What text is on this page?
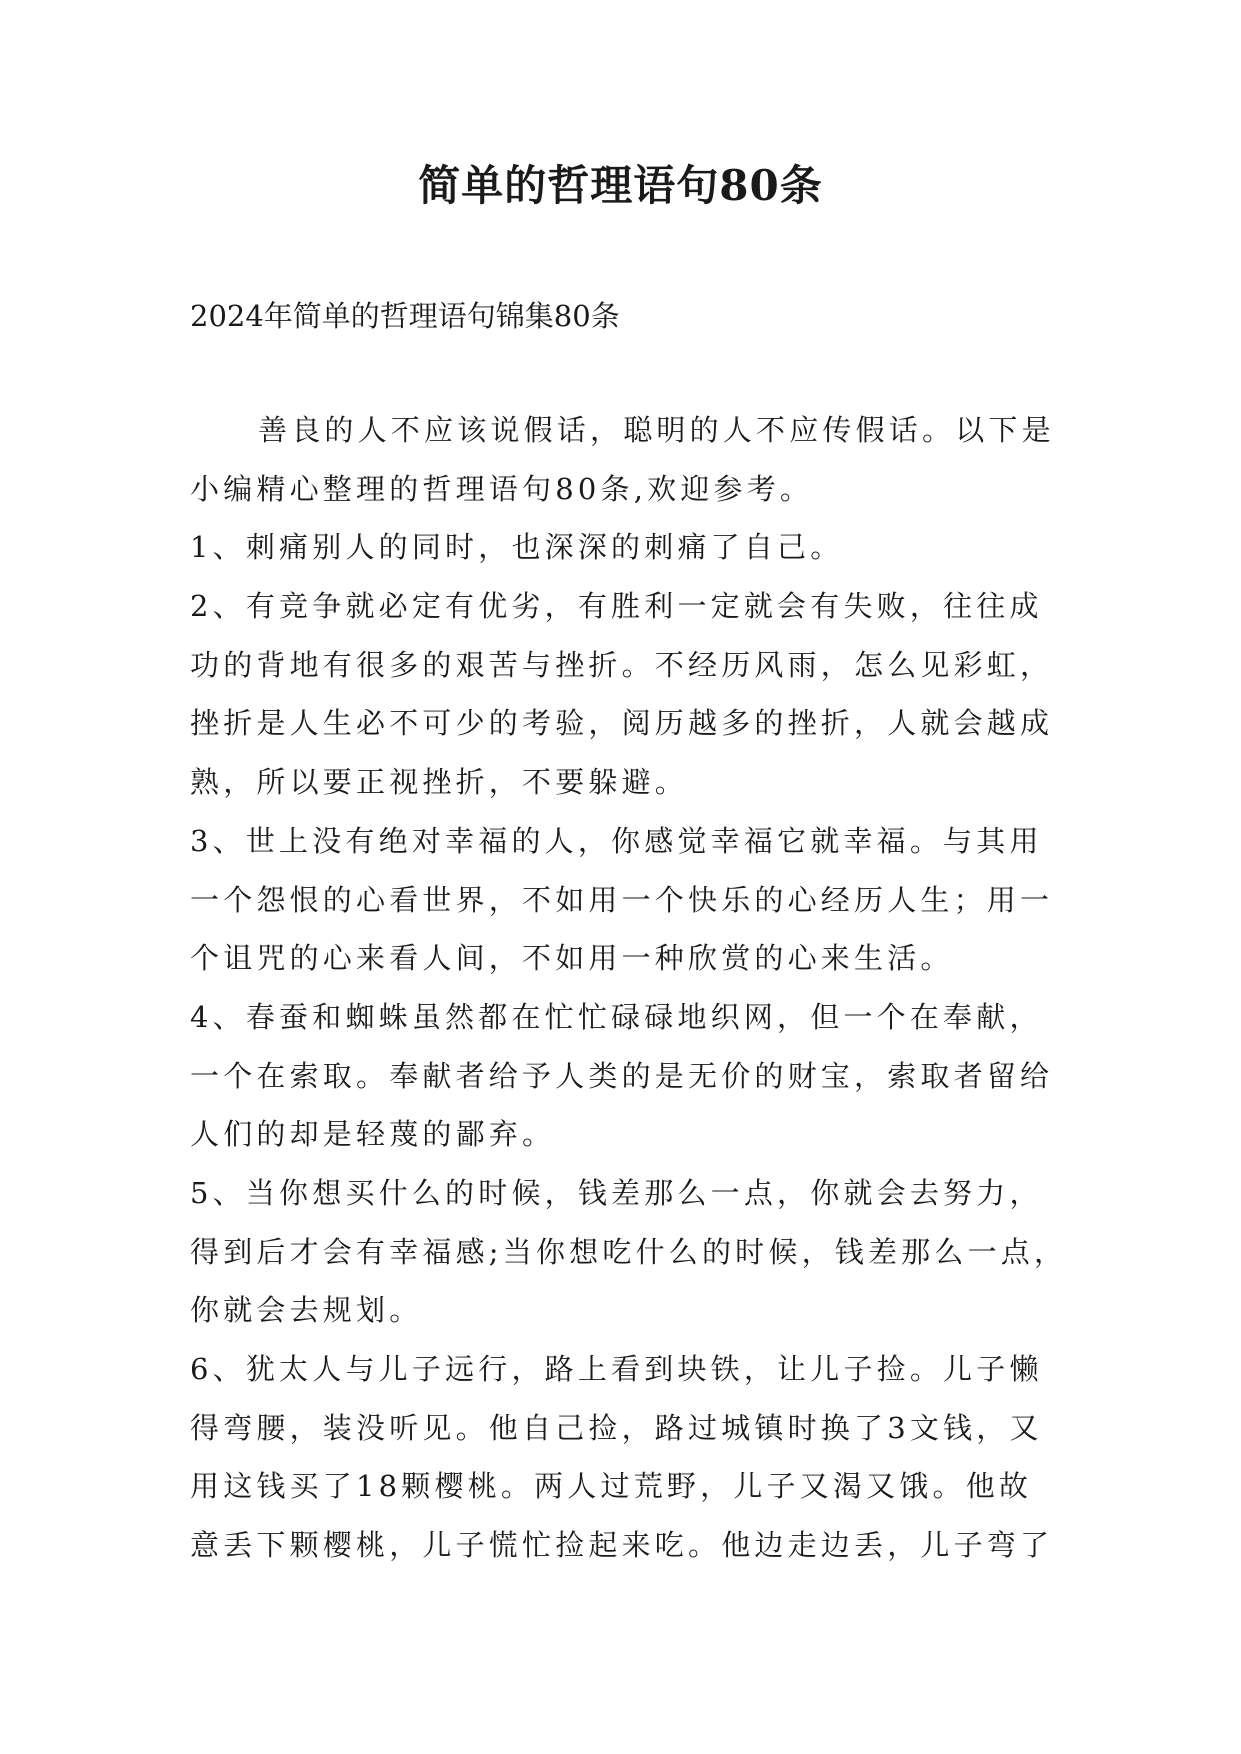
简单的哲理语句80条
2024年简单的哲理语句锦集80条
善良的人不应该说假话，聪明的人不应传假话。以下是
小编精心整理的哲理语句80条,欢迎参考。
1、刺痛别人的同时，也深深的刺痛了自己。
2、有竞争就必定有优劣，有胜利一定就会有失败，往往成
功的背地有很多的艰苦与挫折。不经历风雨，怎么见彩虹，
挫折是人生必不可少的考验，阅历越多的挫折，人就会越成
熟，所以要正视挫折，不要躲避。
3、世上没有绝对幸福的人，你感觉幸福它就幸福。与其用
一个怨恨的心看世界，不如用一个快乐的心经历人生；用一
个诅咒的心来看人间，不如用一种欣赏的心来生活。
4、春蚕和蜘蛛虽然都在忙忙碌碌地织网，但一个在奉献，
一个在索取。奉献者给予人类的是无价的财宝，索取者留给
人们的却是轻蔑的鄙弃。
5、当你想买什么的时候，钱差那么一点，你就会去努力，
得到后才会有幸福感;当你想吃什么的时候，钱差那么一点，
你就会去规划。
6、犹太人与儿子远行，路上看到块铁，让儿子捡。儿子懒
得弯腰，装没听见。他自己捡，路过城镇时换了3文钱，又
用这钱买了18颗樱桃。两人过荒野，儿子又渴又饿。他故
意丢下颗樱桃，儿子慌忙捡起来吃。他边走边丢，儿子弯了
